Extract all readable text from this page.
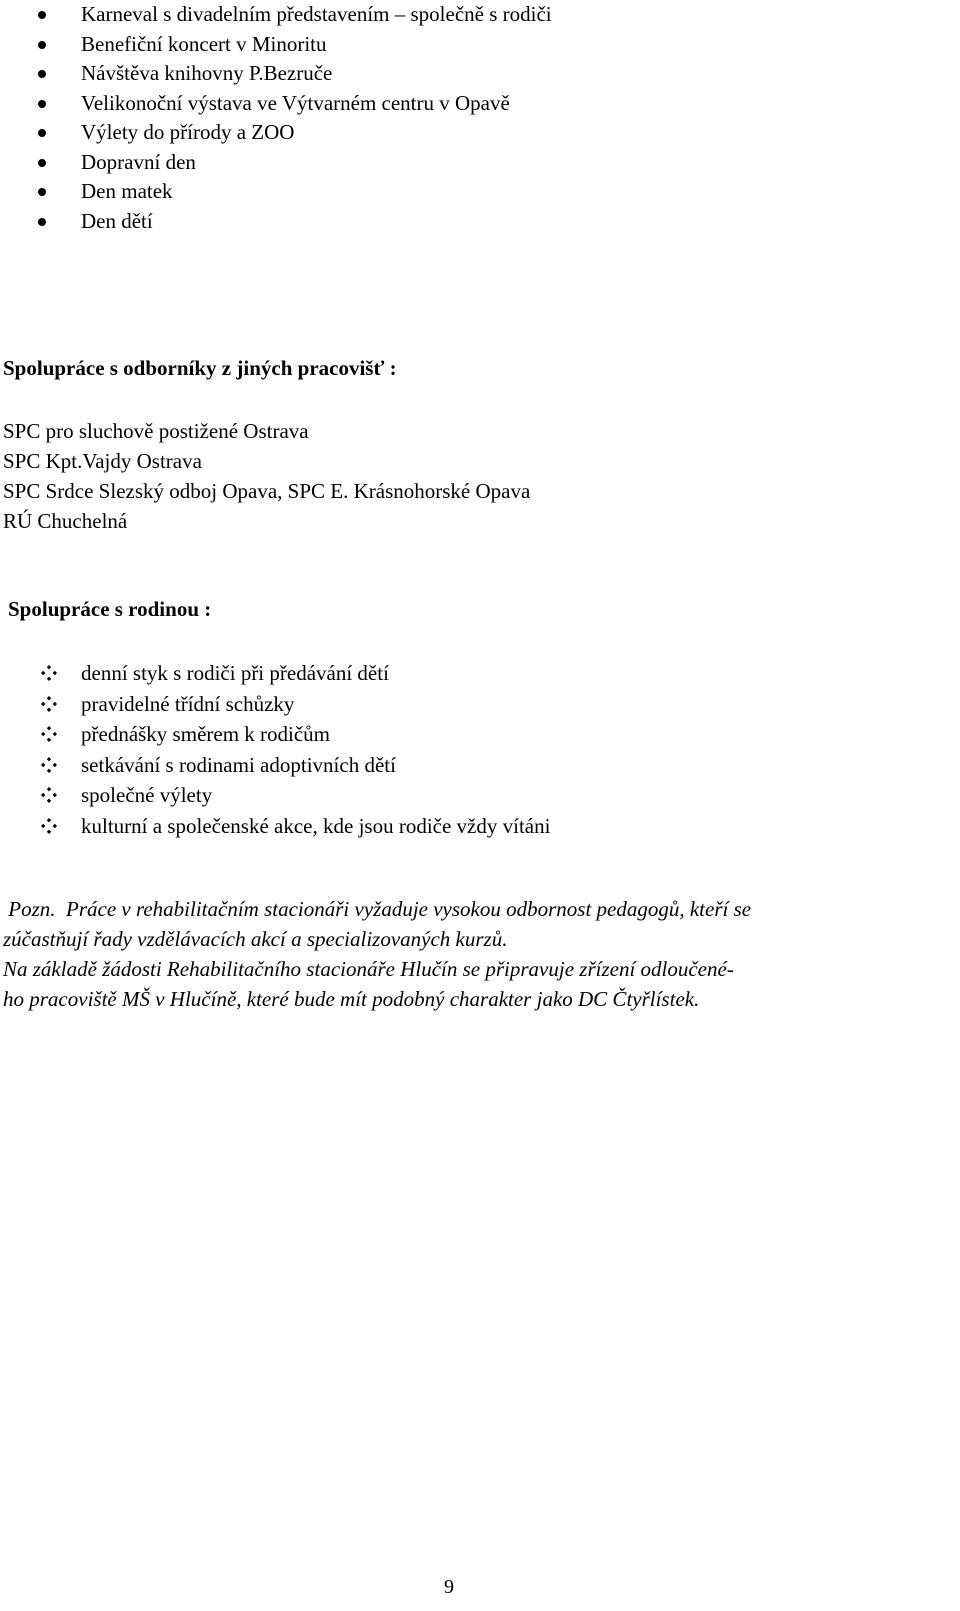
Karneval s divadelním představením – společně s rodiči
Benefiční koncert v Minoritu
Návštěva knihovny P.Bezruče
Velikonoční výstava ve Výtvarném centru v Opavě
Výlety do přírody a ZOO
Dopravní den
Den matek
Den dětí
Spolupráce s odborníky z jiných pracovišť :
SPC pro sluchově postižené Ostrava
SPC Kpt.Vajdy Ostrava
SPC Srdce Slezský odboj Opava, SPC E. Krásnohorské Opava
RÚ Chuchelná
Spolupráce s rodinou :
denní styk s rodiči při předávání dětí
pravidelné třídní schůzky
přednášky směrem k rodičům
setkávání s rodinami adoptivních dětí
společné výlety
kulturní a společenské akce, kde jsou rodiče vždy vítáni

Pozn.  Práce v rehabilitačním stacionáři vyžaduje vysokou odbornost pedagogů, kteří se

zúčastňují řady vzdělávacích akcí a specializovaných kurzů.

Na základě žádosti Rehabilitačního stacionáře Hlučín se připravuje zřízení odloučené-

ho pracoviště MŠ v Hlučíně, které bude mít podobný charakter jako DC Čtyřlístek.

9
